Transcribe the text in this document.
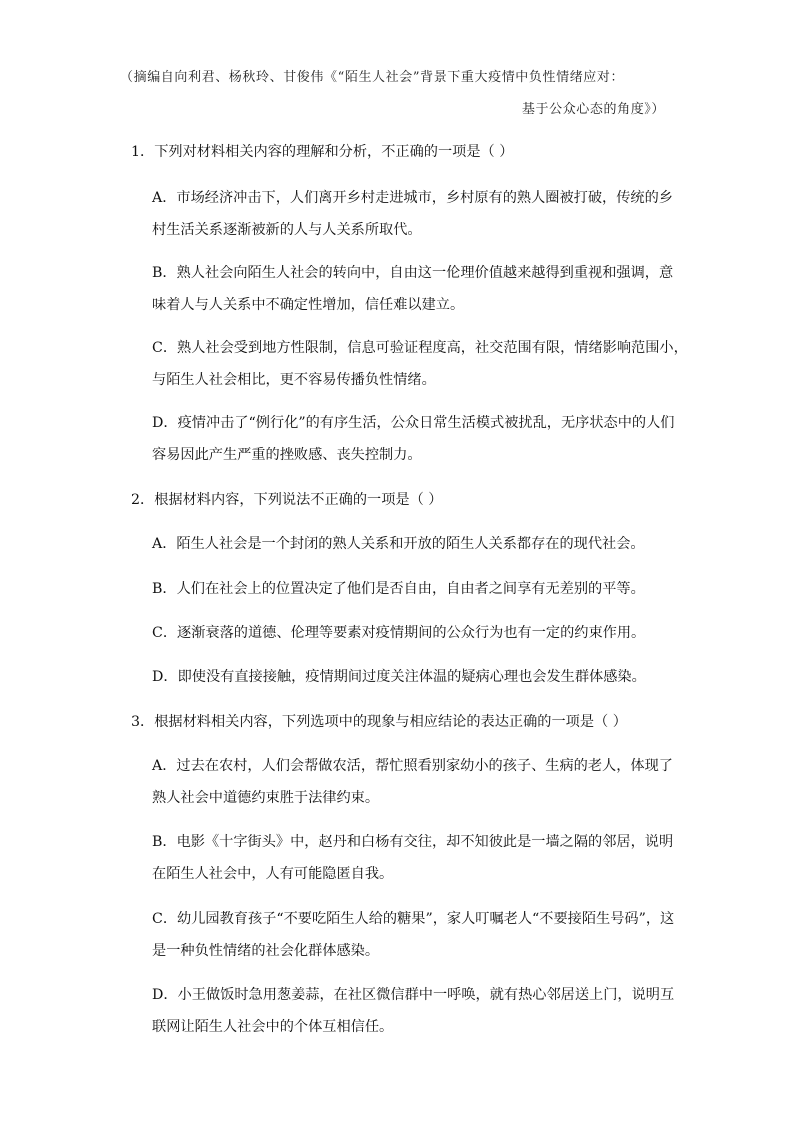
（摘编自向利君、杨秋玲、甘俊伟《“陌生人社会”背景下重大疫情中负性情绪应对：
基于公众心态的角度》）
1．下列对材料相关内容的理解和分析，不正确的一项是（ ）
A．市场经济冲击下，人们离开乡村走进城市，乡村原有的熟人圈被打破，传统的乡
村生活关系逐渐被新的人与人关系所取代。
B．熟人社会向陌生人社会的转向中，自由这一伦理价值越来越得到重视和强调，意
味着人与人关系中不确定性增加，信任难以建立。
C．熟人社会受到地方性限制，信息可验证程度高，社交范围有限，情绪影响范围小，
与陌生人社会相比，更不容易传播负性情绪。
D．疫情冲击了“例行化”的有序生活，公众日常生活模式被扰乱，无序状态中的人们
容易因此产生严重的挫败感、丧失控制力。
2．根据材料内容，下列说法不正确的一项是（ ）
A．陌生人社会是一个封闭的熟人关系和开放的陌生人关系都存在的现代社会。
B．人们在社会上的位置决定了他们是否自由，自由者之间享有无差别的平等。
C．逐渐衰落的道德、伦理等要素对疫情期间的公众行为也有一定的约束作用。
D．即使没有直接接触，疫情期间过度关注体温的疑病心理也会发生群体感染。
3．根据材料相关内容，下列选项中的现象与相应结论的表达正确的一项是（ ）
A．过去在农村，人们会帮做农活，帮忙照看别家幼小的孩子、生病的老人，体现了
熟人社会中道德约束胜于法律约束。
B．电影《十字街头》中，赵丹和白杨有交往，却不知彼此是一墙之隔的邻居，说明
在陌生人社会中，人有可能隐匿自我。
C．幼儿园教育孩子“不要吃陌生人给的糖果”，家人叮嘱老人“不要接陌生号码”，这
是一种负性情绪的社会化群体感染。
D．小王做饭时急用葱姜蒜，在社区微信群中一呼唤，就有热心邻居送上门，说明互
联网让陌生人社会中的个体互相信任。
